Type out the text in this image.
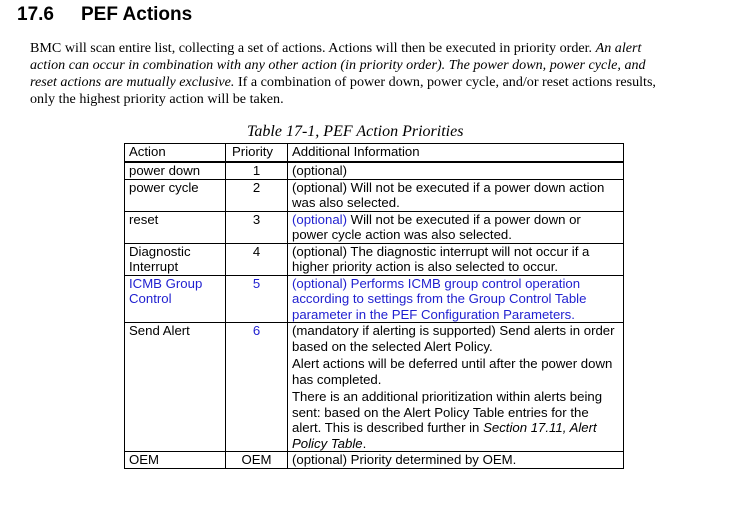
17.6 PEF Actions
BMC will scan entire list, collecting a set of actions. Actions will then be executed in priority order. An alert
action can occur in combination with any other action (in priority order). The power down, power cycle, and
reset actions are mutually exclusive. If a combination of power down, power cycle, and/or reset actions results,
only the highest priority action will be taken.
Table 17-1, PEF Action Priorities
Action	Priority	Additional Information
power down	1	(optional)
power cycle	2	(optional) Will not be executed if a power down action was also selected.
reset	3	(optional) Will not be executed if a power down or power cycle action was also selected.
Diagnostic Interrupt	4	(optional) The diagnostic interrupt will not occur if a higher priority action is also selected to occur.
ICMB Group Control	5	(optional) Performs ICMB group control operation according to settings from the Group Control Table parameter in the PEF Configuration Parameters.
Send Alert	6	(mandatory if alerting is supported) Send alerts in order based on the selected Alert Policy.
Alert actions will be deferred until after the power down has completed.
There is an additional prioritization within alerts being sent: based on the Alert Policy Table entries for the alert. This is described further in Section 17.11, Alert Policy Table.

OEM	OEM	(optional) Priority determined by OEM.
